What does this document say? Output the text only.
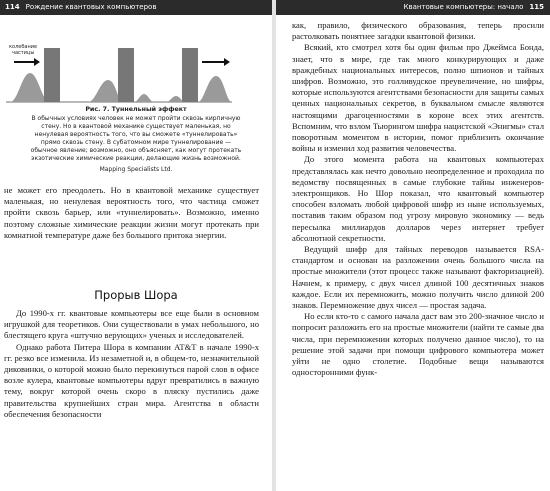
114 Рождение квантовых компьютеров
колебание
частицы
Рис. 7. Туннельный эффект
В обычных условиях человек не может пройти сквозь кирпичную стену. Но в квантовой механике существует маленькая, но ненулевая вероятность того, что вы сможете «туннелировать» прямо сквозь стену. В субатомном мире туннелирование — обычное явление; возможно, оно объясняет, как могут протекать экзотические химические реакции, делающие жизнь возможной.
Mapping Specialists Ltd.

не может его преодолеть. Но в квантовой механике существует маленькая, но ненулевая вероятность того, что частица сможет пройти сквозь барьер, или «туннелировать». Возможно, именно поэтому сложные химические реакции жизни могут протекать при комнатной температуре даже без большого притока энергии.

Прорыв Шора

До 1990-х гг. квантовые компьютеры все еще были в основном игрушкой для теоретиков. Они существовали в умах небольшого, но блестящего круга «штучно верующих» ученых и исследователей.

Однако работа Питера Шора в компании AT&T в начале 1990-х гг. резко все изменила. Из незаметной и, в общем-то, незначительной диковинки, о которой можно было перекинуться парой слов в офисе возле кулера, квантовые компьютеры вдруг превратились в важную тему, вокруг которой очень скоро в пляску пустились даже правительства крупнейших стран мира. Агентства в области обеспечения безопасности

Квантовые компьютеры: начало 115

как, правило, физического образования, теперь просили растолковать понятнее загадки квантовой физики.

Всякий, кто смотрел хотя бы один фильм про Джеймса Бонда, знает, что в мире, где так много конкурирующих и даже враждебных национальных интересов, полно шпионов и тайных шифров. Возможно, это голливудское преувеличение, но шифры, которые используются агентствами безопасности для защиты самых ценных национальных секретов, в буквальном смысле являются настоящими драгоценностями в короне всех этих агентств. Вспомним, что взлом Тьюрингом шифра нацистской «Энигмы» стал поворотным моментом в истории, помог приблизить окончание войны и изменил ход развития человечества.

До этого момента работа на квантовых компьютерах представлялась как нечто довольно неопределенное и проходила по ведомству посвященных в самые глубокие тайны инженеров-электронщиков. Но Шор показал, что квантовый компьютер способен взломать любой цифровой шифр из ныне используемых, поставив таким образом под угрозу мировую экономику — ведь пересылка миллиардов долларов через интернет требует абсолютной секретности.

Ведущий шифр для тайных переводов называется RSA-стандартом и основан на разложении очень большого числа на простые множители (этот процесс также называют факторизацией). Начнем, к примеру, с двух чисел длиной 100 десятичных знаков каждое. Если их перемножить, можно получить число длиной 200 знаков. Перемножение двух чисел — простая задача.

Но если кто-то с самого начала даст вам это 200-значное число и попросит разложить его на простые множители (найти те самые два числа, при перемножении которых получено данное число), то на решение этой задачи при помощи цифрового компьютера может уйти не одно столетие. Подобные вещи называются односторонними функ-
